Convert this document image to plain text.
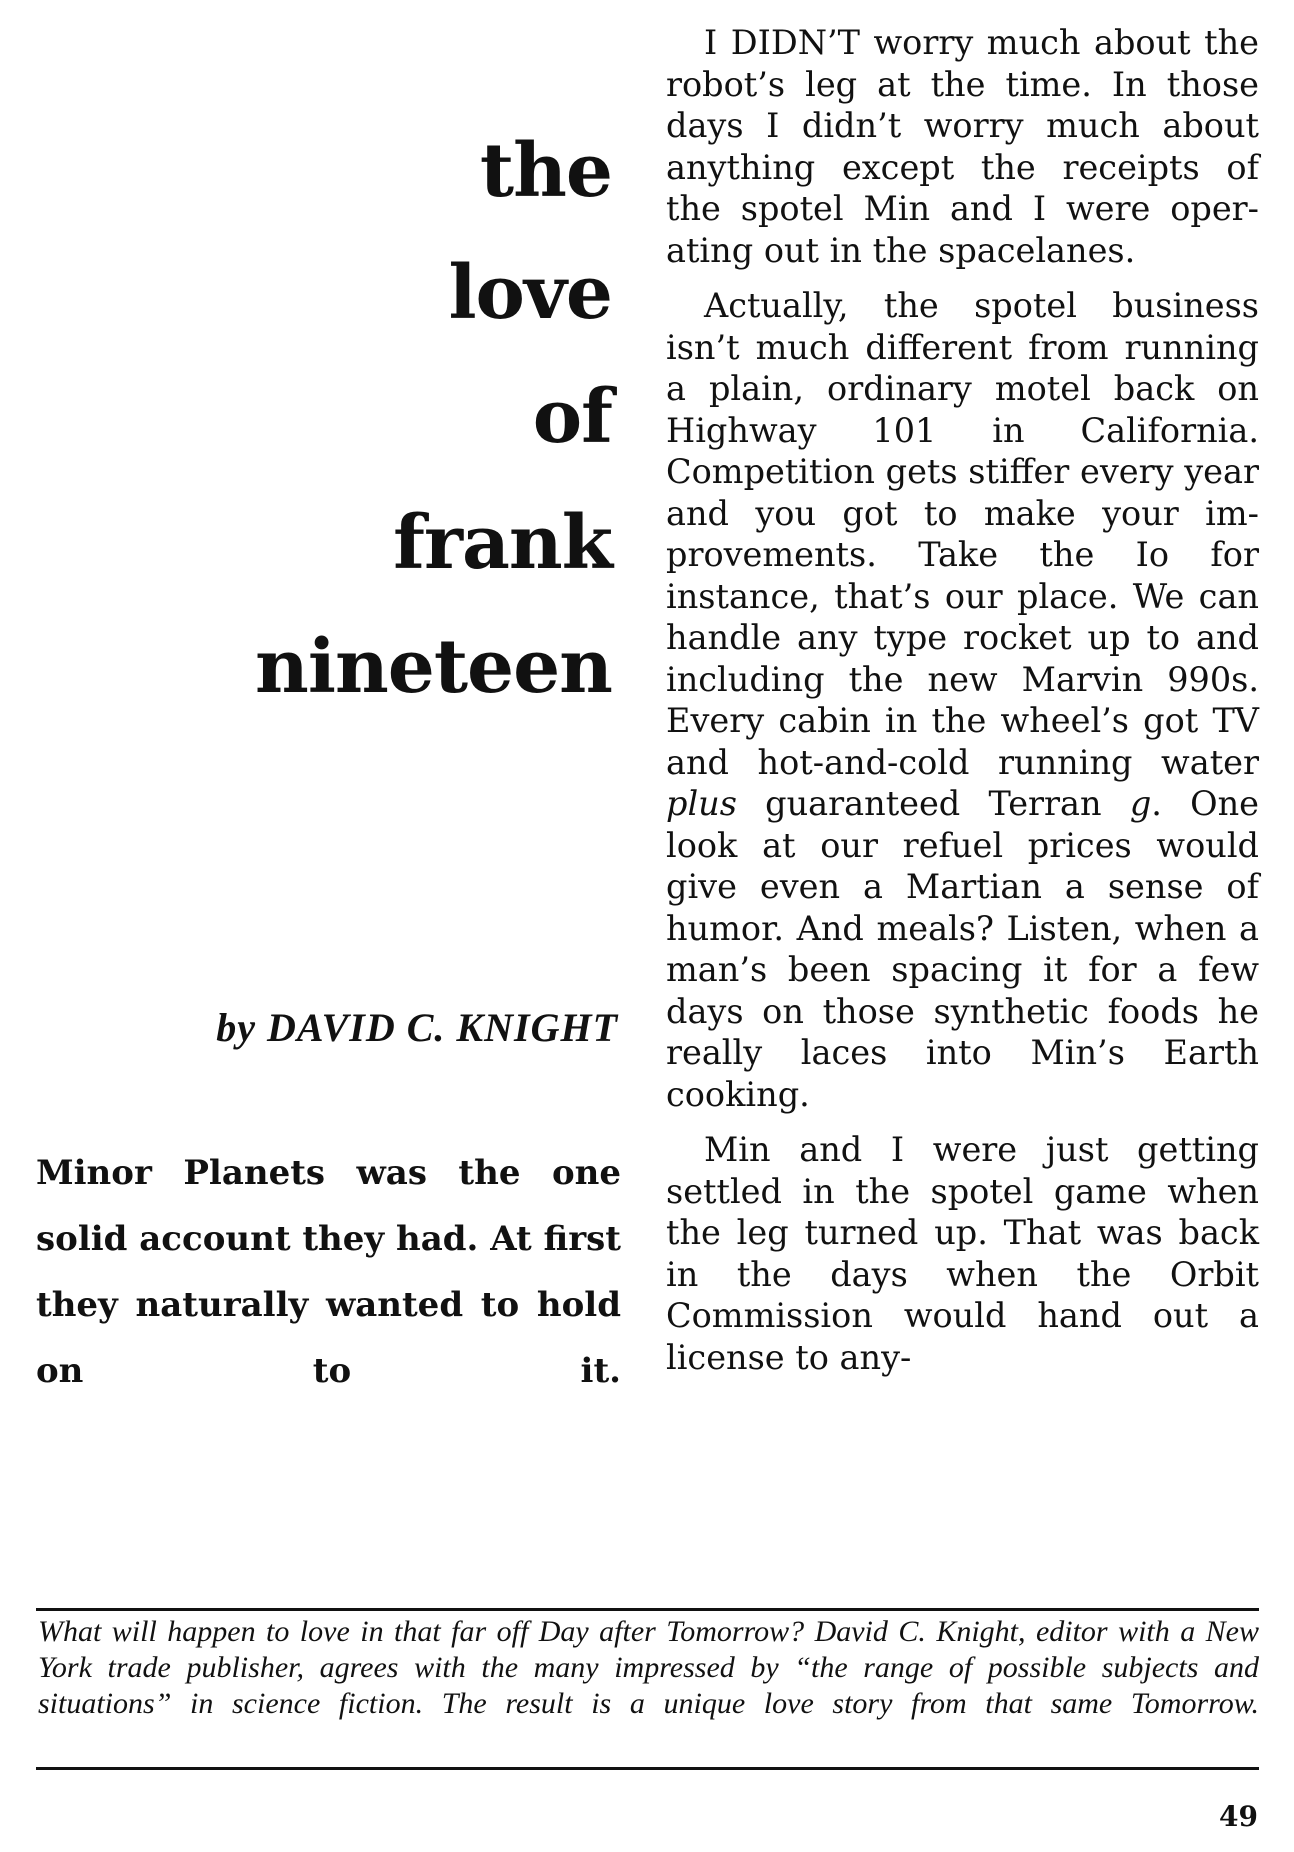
the
love
of
frank
nineteen
by DAVID C. KNIGHT
Minor Planets was the one solid account they had. At first they naturally wanted to hold on to it.

I DIDN’T worry much about the robot’s leg at the time. In those days I didn’t worry much about anything except the receipts of the spotel Min and I were operating out in the spacelanes.

Actually, the spotel business isn’t much different from running a plain, ordinary motel back on Highway 101 in California. Competition gets stiffer every year and you got to make your improvements. Take the Io for instance, that’s our place. We can handle any type rocket up to and including the new Marvin 990s. Every cabin in the wheel’s got TV and hot-and-cold running water plus guaranteed Terran g. One look at our refuel prices would give even a Martian a sense of humor. And meals? Listen, when a man’s been spacing it for a few days on those synthetic foods he really laces into Min’s Earth cooking.

Min and I were just getting settled in the spotel game when the leg turned up. That was back in the days when the Orbit Commission would hand out a license to any-

What will happen to love in that far off Day after Tomorrow? David C. Knight, editor with a New York trade publisher, agrees with the many impressed by “the range of possible subjects and situations” in science fiction. The result is a unique love story from that same Tomorrow.
49
